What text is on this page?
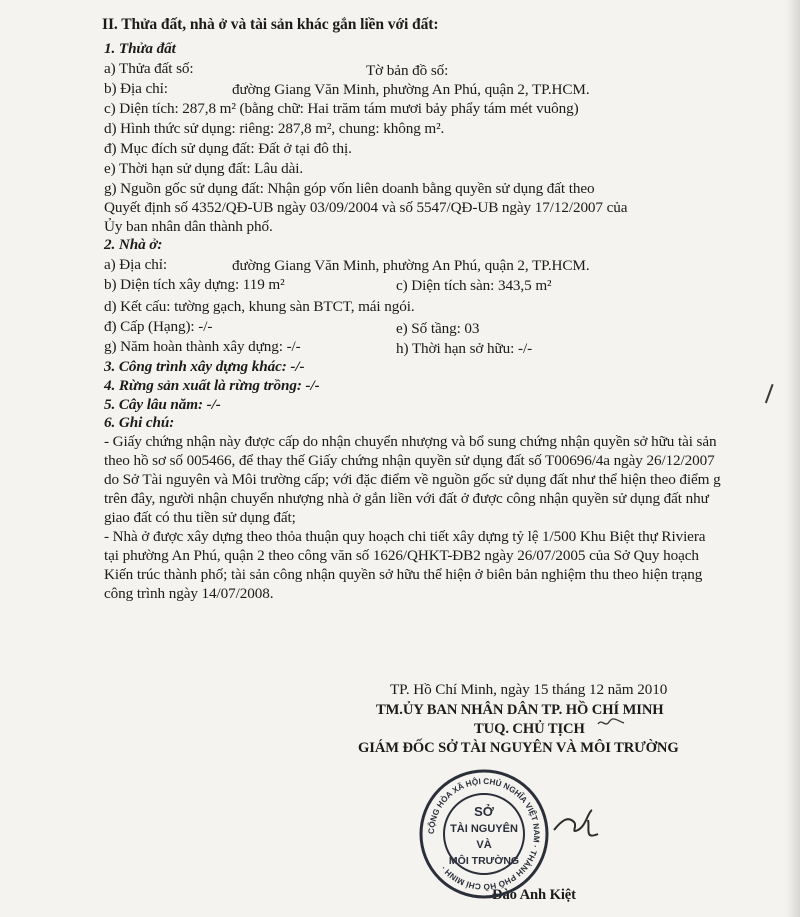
II. Thửa đất, nhà ở và tài sản khác gắn liền với đất:
1. Thửa đất
a) Thửa đất số:	Tờ bản đồ số:
b) Địa chỉ:	đường Giang Văn Minh, phường An Phú, quận 2, TP.HCM.
c) Diện tích: 287,8 m² (bằng chữ: Hai trăm tám mươi bảy phẩy tám mét vuông)
d) Hình thức sử dụng: riêng: 287,8 m², chung: không m².
đ) Mục đích sử dụng đất: Đất ở tại đô thị.
e) Thời hạn sử dụng đất: Lâu dài.
g) Nguồn gốc sử dụng đất: Nhận góp vốn liên doanh bằng quyền sử dụng đất theo
Quyết định số 4352/QĐ-UB ngày 03/09/2004 và số 5547/QĐ-UB ngày 17/12/2007 của
Ủy ban nhân dân thành phố.
2. Nhà ở:
a) Địa chỉ:	đường Giang Văn Minh, phường An Phú, quận 2, TP.HCM.
b) Diện tích xây dựng: 119 m²	c) Diện tích sàn: 343,5 m²
d) Kết cấu: tường gạch, khung sàn BTCT, mái ngói.
đ) Cấp (Hạng): -/-	e) Số tầng: 03
g) Năm hoàn thành xây dựng: -/-	h) Thời hạn sở hữu: -/-
3. Công trình xây dựng khác: -/-
4. Rừng sản xuất là rừng trồng: -/-
5. Cây lâu năm: -/-
6. Ghi chú:
- Giấy chứng nhận này được cấp do nhận chuyển nhượng và bổ sung chứng nhận quyền sở hữu tài sản
theo hồ sơ số 005466, để thay thế Giấy chứng nhận quyền sử dụng đất số T00696/4a ngày 26/12/2007
do Sở Tài nguyên và Môi trường cấp; với đặc điểm về nguồn gốc sử dụng đất như thể hiện theo điểm g
trên đây, người nhận chuyển nhượng nhà ở gắn liền với đất ở được công nhận quyền sử dụng đất như
giao đất có thu tiền sử dụng đất;
- Nhà ở được xây dựng theo thỏa thuận quy hoạch chi tiết xây dựng tỷ lệ 1/500 Khu Biệt thự Riviera
tại phường An Phú, quận 2 theo công văn số 1626/QHKT-ĐB2 ngày 26/07/2005 của Sở Quy hoạch
Kiến trúc thành phố; tài sản công nhận quyền sở hữu thể hiện ở biên bản nghiệm thu theo hiện trạng
công trình ngày 14/07/2008.
TP. Hồ Chí Minh, ngày 15 tháng 12 năm 2010
TM.ỦY BAN NHÂN DÂN TP. HỒ CHÍ MINH
TUQ. CHỦ TỊCH
GIÁM ĐỐC SỞ TÀI NGUYÊN VÀ MÔI TRƯỜNG
Đào Anh Kiệt
CỘNG HÒA XÃ HỘI CHỦ NGHĨA VIỆT NAM · THÀNH PHỐ HỒ CHÍ MINH ·
SỞ
TÀI NGUYÊN
VÀ
MÔI TRƯỜNG
